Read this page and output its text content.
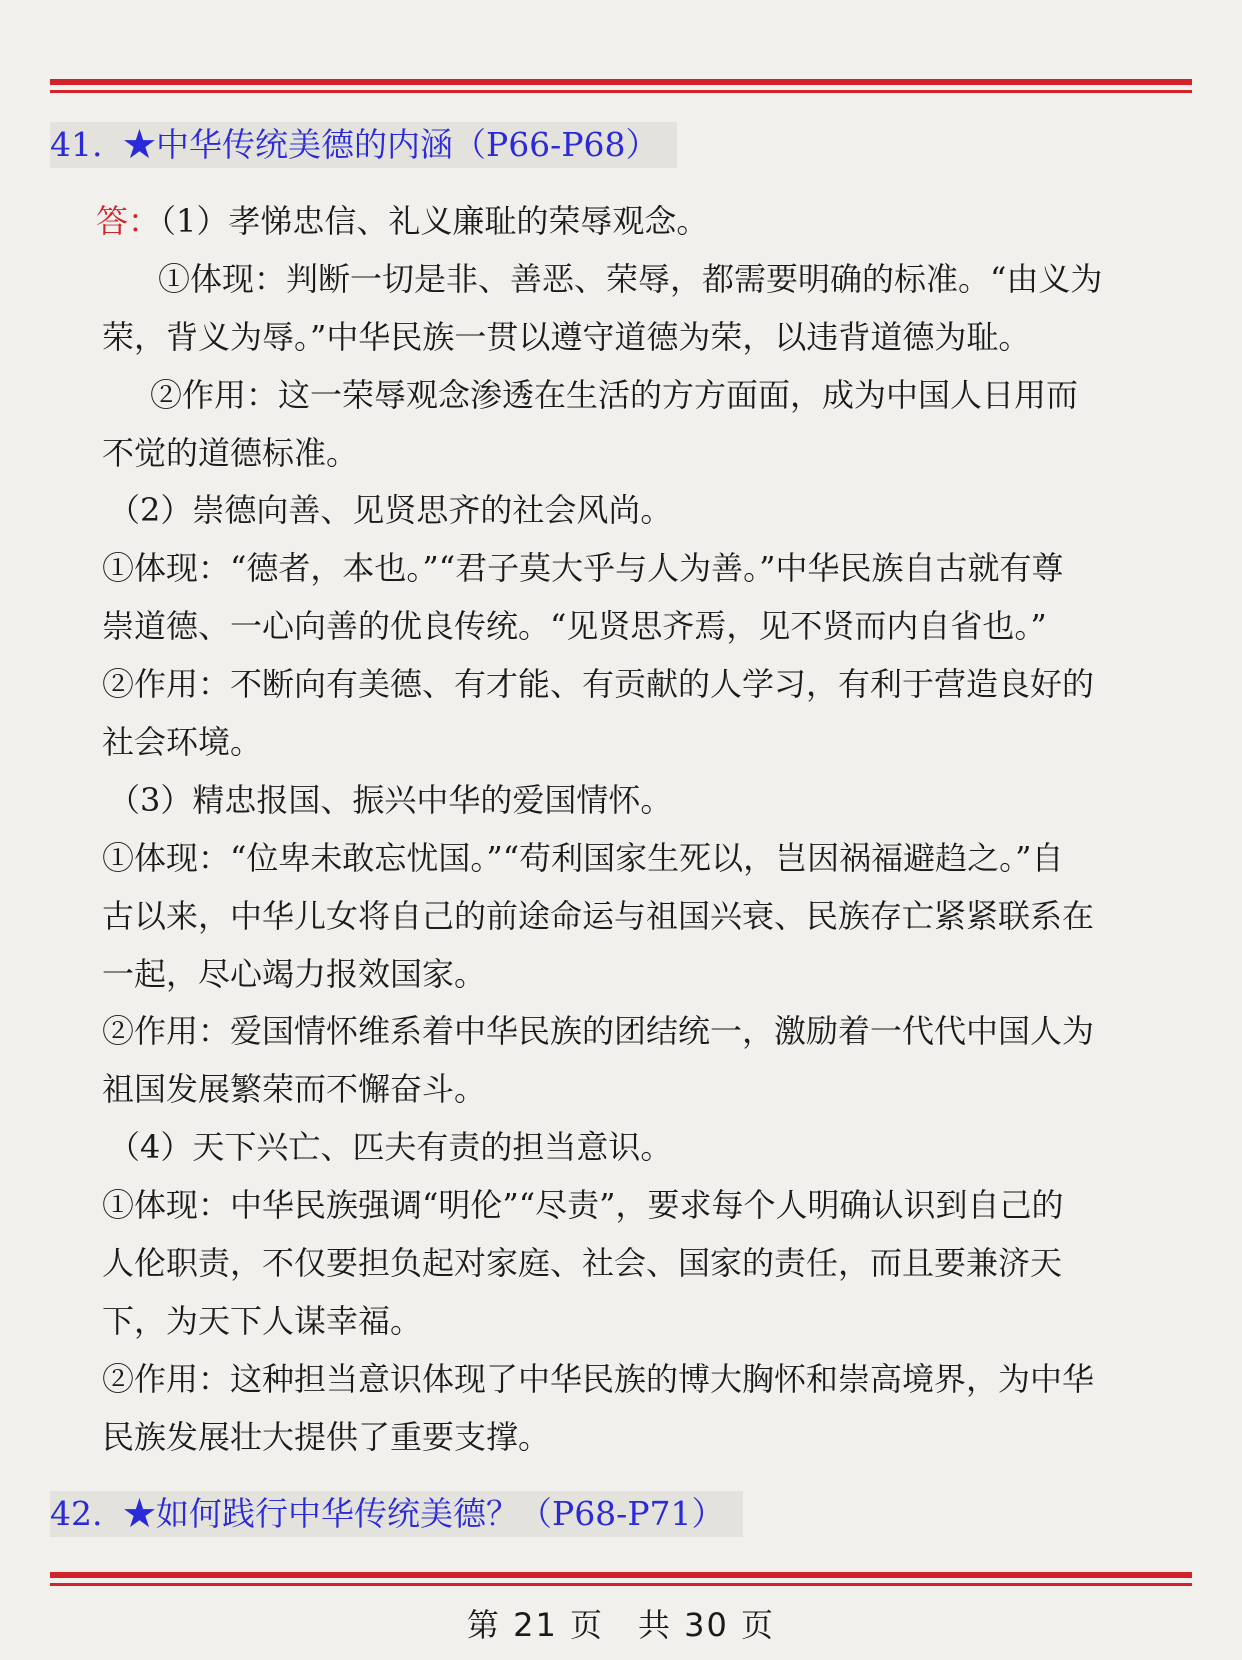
41. ★中华传统美德的内涵（P66-P68）
答：（1）孝悌忠信、礼义廉耻的荣辱观念。
　①体现：判断一切是非、善恶、荣辱，都需要明确的标准。“由义为
荣，背义为辱。”中华民族一贯以遵守道德为荣，以违背道德为耻。
　②作用：这一荣辱观念渗透在生活的方方面面，成为中国人日用而
不觉的道德标准。
（2）崇德向善、见贤思齐的社会风尚。
①体现：“德者，本也。”“君子莫大乎与人为善。”中华民族自古就有尊
崇道德、一心向善的优良传统。“见贤思齐焉，见不贤而内自省也。”
②作用：不断向有美德、有才能、有贡献的人学习，有利于营造良好的
社会环境。
（3）精忠报国、振兴中华的爱国情怀。
①体现：“位卑未敢忘忧国。”“苟利国家生死以，岂因祸福避趋之。”自
古以来，中华儿女将自己的前途命运与祖国兴衰、民族存亡紧紧联系在
一起，尽心竭力报效国家。
②作用：爱国情怀维系着中华民族的团结统一，激励着一代代中国人为
祖国发展繁荣而不懈奋斗。
（4）天下兴亡、匹夫有责的担当意识。
①体现：中华民族强调“明伦”“尽责”，要求每个人明确认识到自己的
人伦职责，不仅要担负起对家庭、社会、国家的责任，而且要兼济天
下，为天下人谋幸福。
②作用：这种担当意识体现了中华民族的博大胸怀和崇高境界，为中华
民族发展壮大提供了重要支撑。
42. ★如何践行中华传统美德？（P68-P71）
第 21 页　共 30 页
